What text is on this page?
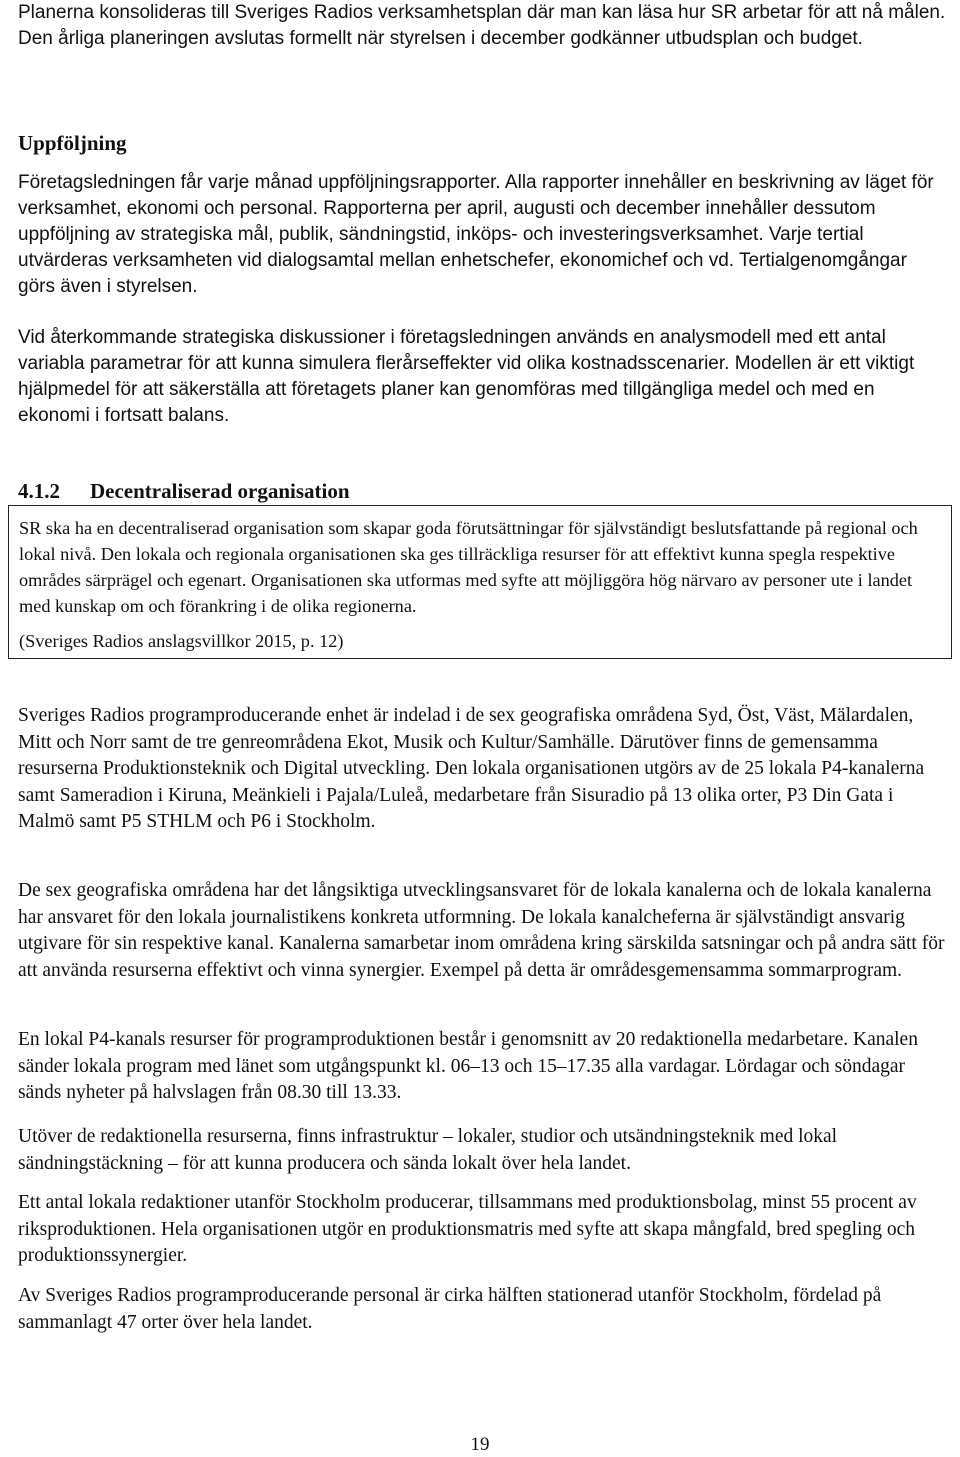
Planerna konsolideras till Sveriges Radios verksamhetsplan där man kan läsa hur SR arbetar för att nå målen. Den årliga planeringen avslutas formellt när styrelsen i december godkänner utbudsplan och budget.

Uppföljning

Företagsledningen får varje månad uppföljningsrapporter. Alla rapporter innehåller en beskrivning av läget för verksamhet, ekonomi och personal. Rapporterna per april, augusti och december innehåller dessutom uppföljning av strategiska mål, publik, sändningstid, inköps- och investeringsverksamhet. Varje tertial utvärderas verksamheten vid dialogsamtal mellan enhetschefer, ekonomichef och vd. Tertialgenomgångar görs även i styrelsen.

Vid återkommande strategiska diskussioner i företagsledningen används en analysmodell med ett antal variabla parametrar för att kunna simulera flerårseffekter vid olika kostnadsscenarier. Modellen är ett viktigt hjälpmedel för att säkerställa att företagets planer kan genomföras med tillgängliga medel och med en ekonomi i fortsatt balans.

4.1.2 Decentraliserad organisation

SR ska ha en decentraliserad organisation som skapar goda förutsättningar för självständigt beslutsfattande på regional och lokal nivå. Den lokala och regionala organisationen ska ges tillräckliga resurser för att effektivt kunna spegla respektive områdes särprägel och egenart. Organisationen ska utformas med syfte att möjliggöra hög närvaro av personer ute i landet med kunskap om och förankring i de olika regionerna.

(Sveriges Radios anslagsvillkor 2015, p. 12)

Sveriges Radios programproducerande enhet är indelad i de sex geografiska områdena Syd, Öst, Väst, Mälardalen, Mitt och Norr samt de tre genreområdena Ekot, Musik och Kultur/Samhälle. Därutöver finns de gemensamma resurserna Produktionsteknik och Digital utveckling. Den lokala organisationen utgörs av de 25 lokala P4-kanalerna samt Sameradion i Kiruna, Meänkieli i Pajala/Luleå, medarbetare från Sisuradio på 13 olika orter, P3 Din Gata i Malmö samt P5 STHLM och P6 i Stockholm.

De sex geografiska områdena har det långsiktiga utvecklingsansvaret för de lokala kanalerna och de lokala kanalerna har ansvaret för den lokala journalistikens konkreta utformning. De lokala kanalcheferna är självständigt ansvarig utgivare för sin respektive kanal. Kanalerna samarbetar inom områdena kring särskilda satsningar och på andra sätt för att använda resurserna effektivt och vinna synergier. Exempel på detta är områdesgemensamma sommarprogram.

En lokal P4-kanals resurser för programproduktionen består i genomsnitt av 20 redaktionella medarbetare. Kanalen sänder lokala program med länet som utgångspunkt kl. 06–13 och 15–17.35 alla vardagar. Lördagar och söndagar sänds nyheter på halvslagen från 08.30 till 13.33.

Utöver de redaktionella resurserna, finns infrastruktur – lokaler, studior och utsändningsteknik med lokal sändningstäckning – för att kunna producera och sända lokalt över hela landet.

Ett antal lokala redaktioner utanför Stockholm producerar, tillsammans med produktionsbolag, minst 55 procent av riksproduktionen. Hela organisationen utgör en produktionsmatris med syfte att skapa mångfald, bred spegling och produktionssynergier.

Av Sveriges Radios programproducerande personal är cirka hälften stationerad utanför Stockholm, fördelad på sammanlagt 47 orter över hela landet.

19
